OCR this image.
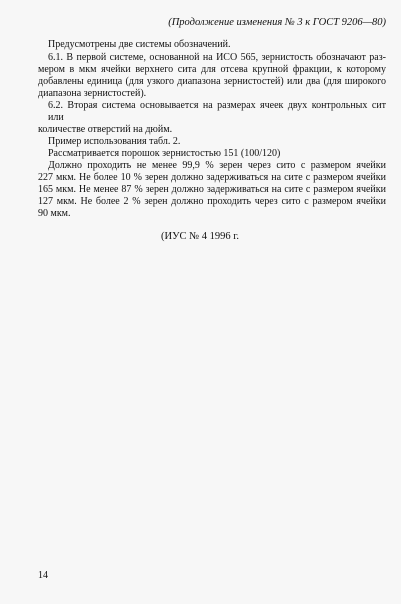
(Продолжение изменения № 3 к ГОСТ 9206—80)

Предусмотрены две системы обозначений.

6.1. В первой системе, основанной на ИСО 565, зернистость обозначают раз-
мером в мкм ячейки верхнего сита для отсева крупной фракции, к которому
добавлены единица (для узкого диапазона зернистостей) или два (для широкого
диапазона зернистостей).

6.2. Вторая система основывается на размерах ячеек двух контрольных сит или
количестве отверстий на дюйм.

Пример использования табл. 2.

Рассматривается порошок зернистостью 151 (100/120)

Должно проходить не менее 99,9 % зерен через сито с размером ячейки
227 мкм. Не более 10 % зерен должно задерживаться на сите с размером ячейки
165 мкм. Не менее 87 % зерен должно задерживаться на сите с размером ячейки
127 мкм. Не более 2 % зерен должно проходить через сито с размером ячейки
90 мкм.

(ИУС № 4 1996 г.
14
